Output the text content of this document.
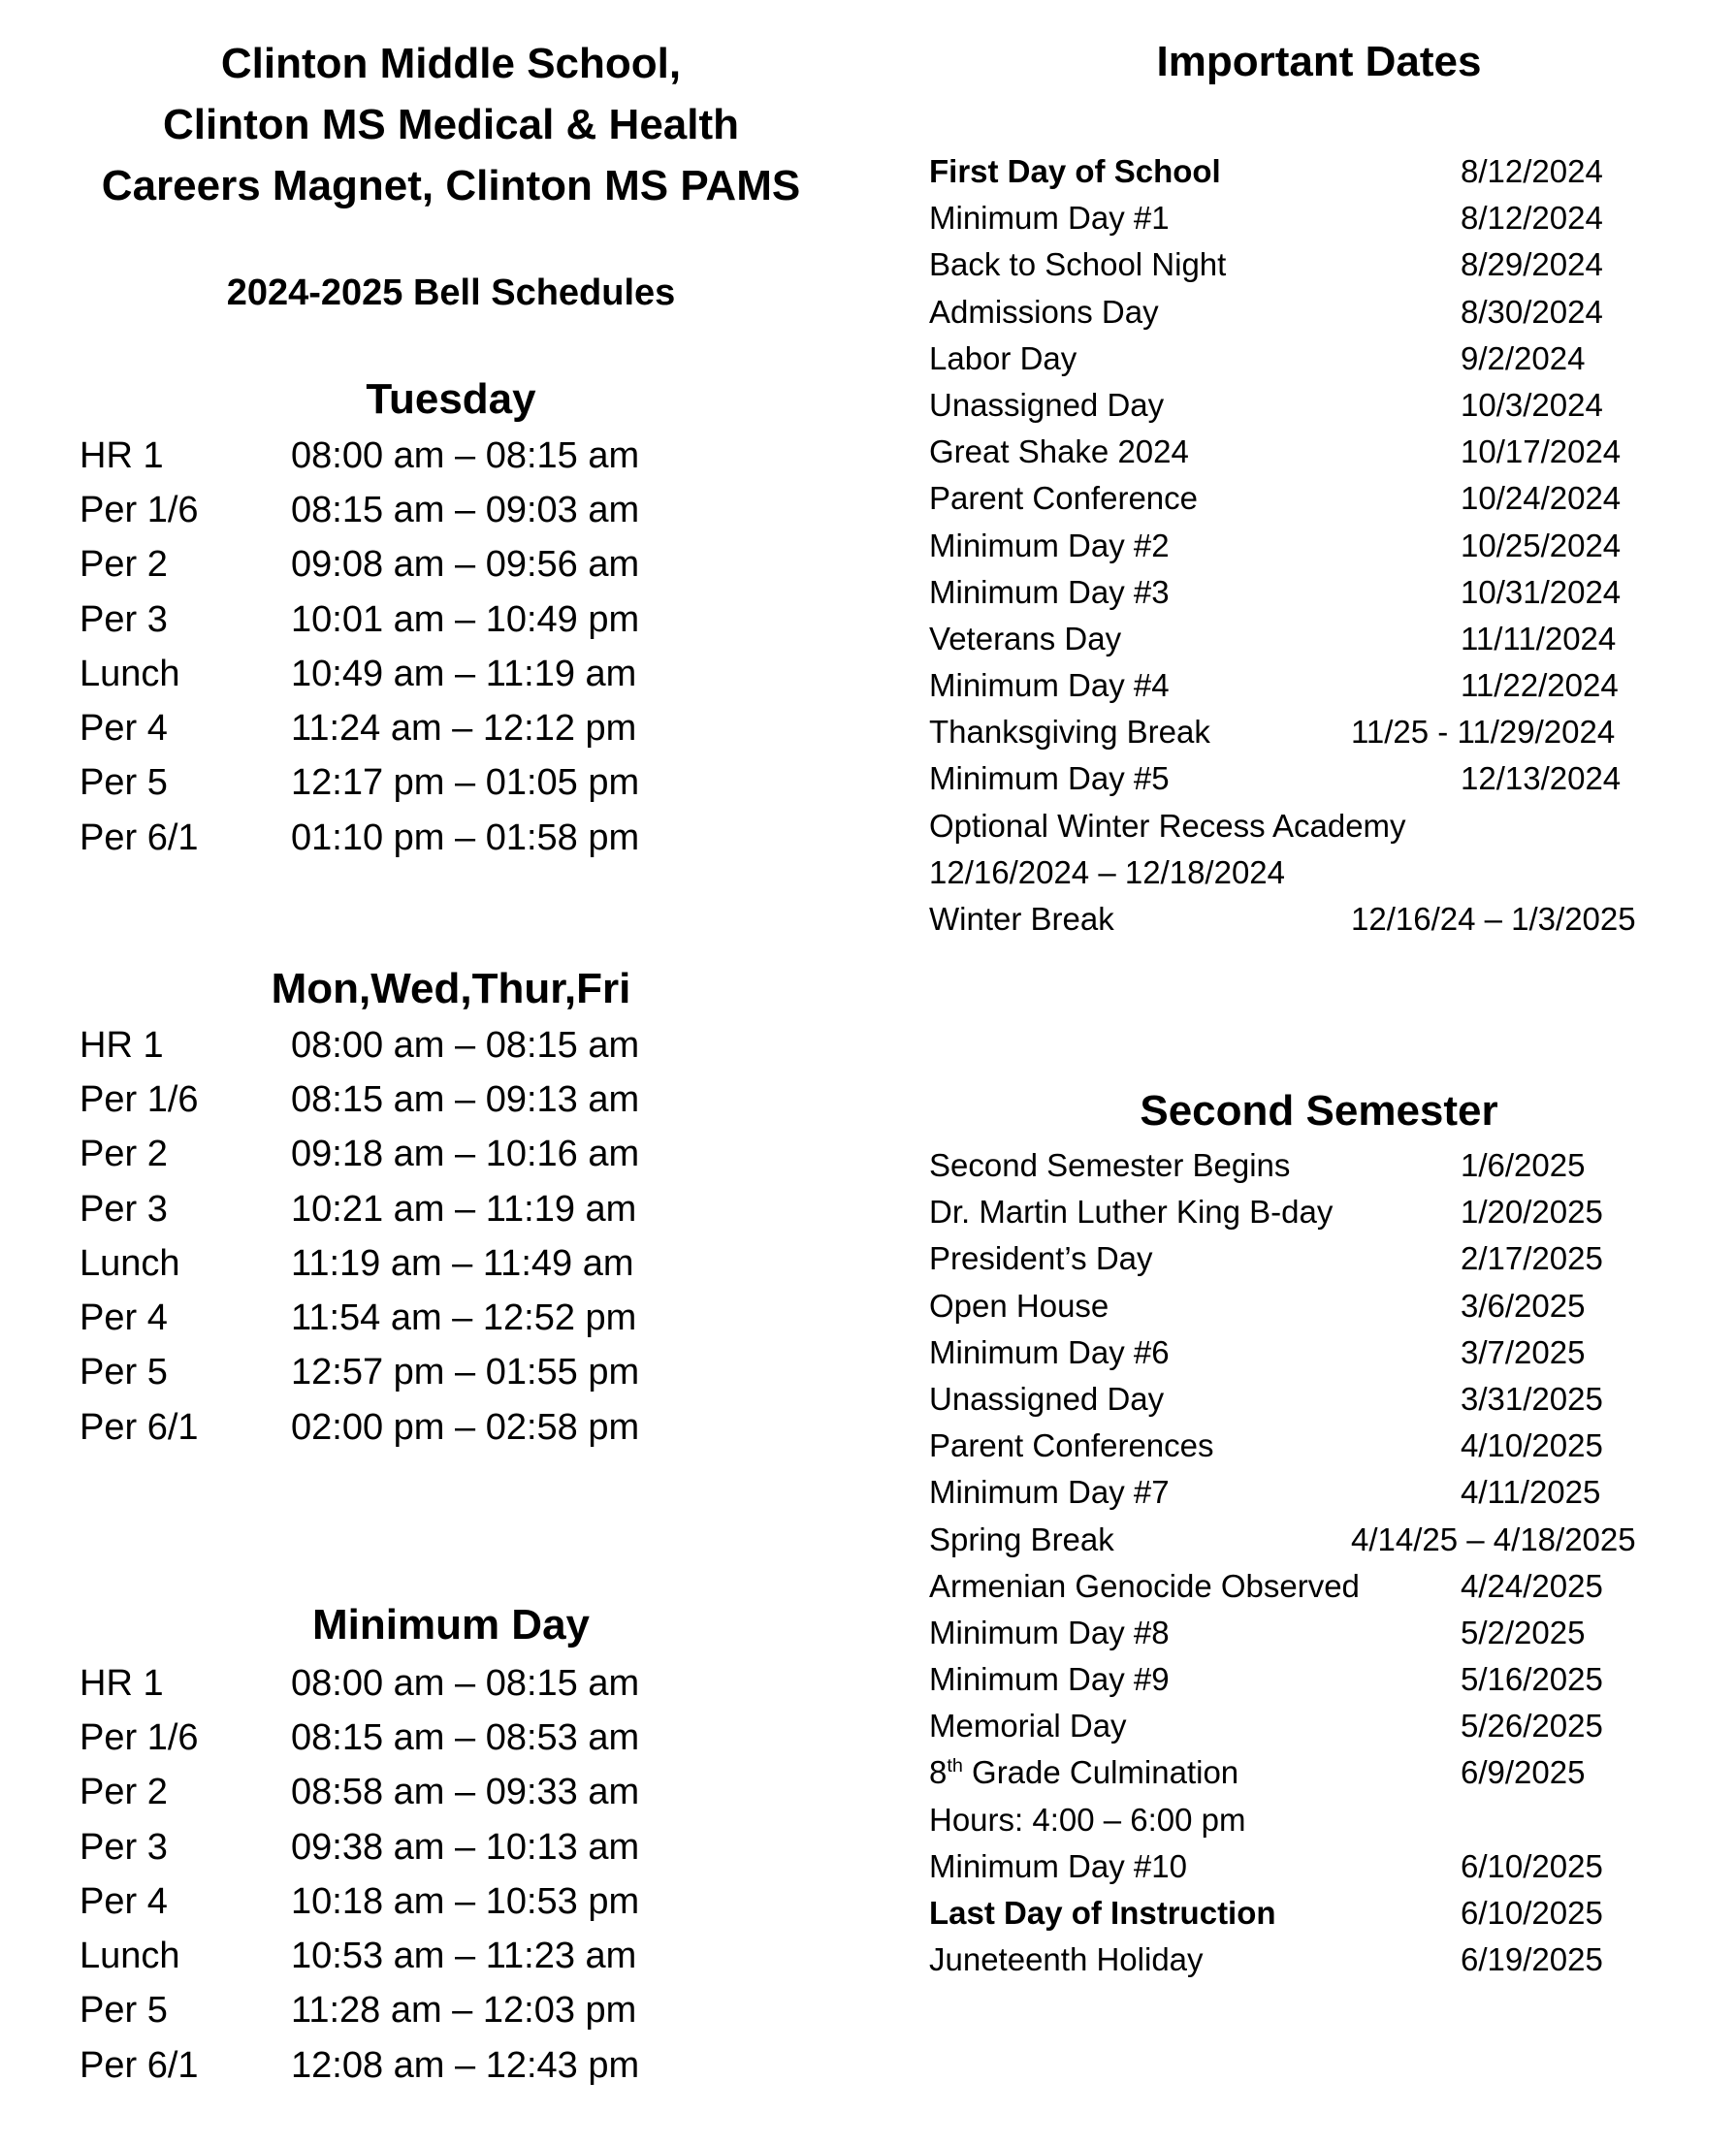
Clinton Middle School,
Clinton MS Medical & Health
Careers Magnet, Clinton MS PAMS
2024-2025 Bell Schedules
Tuesday
HR 1	08:00 am – 08:15 am
Per 1/6	08:15 am – 09:03 am
Per 2	09:08 am – 09:56 am
Per 3	10:01 am – 10:49 pm
Lunch	10:49 am – 11:19 am
Per 4	11:24 am – 12:12 pm
Per 5	12:17 pm – 01:05 pm
Per 6/1	01:10 pm – 01:58 pm
Mon,Wed,Thur,Fri
HR 1	08:00 am – 08:15 am
Per 1/6	08:15 am – 09:13 am
Per 2	09:18 am – 10:16 am
Per 3	10:21 am – 11:19 am
Lunch	11:19 am – 11:49 am
Per 4	11:54 am – 12:52 pm
Per 5	12:57 pm – 01:55 pm
Per 6/1	02:00 pm – 02:58 pm
Minimum Day
HR 1	08:00 am – 08:15 am
Per 1/6	08:15 am – 08:53 am
Per 2	08:58 am – 09:33 am
Per 3	09:38 am – 10:13 am
Per 4	10:18 am – 10:53 pm
Lunch	10:53 am – 11:23 am
Per 5	11:28 am – 12:03 pm
Per 6/1	12:08 am – 12:43 pm
Important Dates
First Day of School	8/12/2024
Minimum Day #1	8/12/2024
Back to School Night	8/29/2024
Admissions Day	8/30/2024
Labor Day	9/2/2024
Unassigned Day	10/3/2024
Great Shake 2024	10/17/2024
Parent Conference	10/24/2024
Minimum Day #2	10/25/2024
Minimum Day #3	10/31/2024
Veterans Day	11/11/2024
Minimum Day #4	11/22/2024
Thanksgiving Break	11/25 - 11/29/2024
Minimum Day #5	12/13/2024
Optional Winter Recess Academy
12/16/2024 – 12/18/2024
Winter Break	12/16/24 – 1/3/2025
Second Semester
Second Semester Begins	1/6/2025
Dr. Martin Luther King B-day	1/20/2025
President’s Day	2/17/2025
Open House	3/6/2025
Minimum Day #6	3/7/2025
Unassigned Day	3/31/2025
Parent Conferences	4/10/2025
Minimum Day #7	4/11/2025
Spring Break	4/14/25 – 4/18/2025
Armenian Genocide Observed	4/24/2025
Minimum Day #8	5/2/2025
Minimum Day #9	5/16/2025
Memorial Day	5/26/2025
8th Grade Culmination	6/9/2025
Hours: 4:00 – 6:00 pm
Minimum Day #10	6/10/2025
Last Day of Instruction	6/10/2025
Juneteenth Holiday	6/19/2025
